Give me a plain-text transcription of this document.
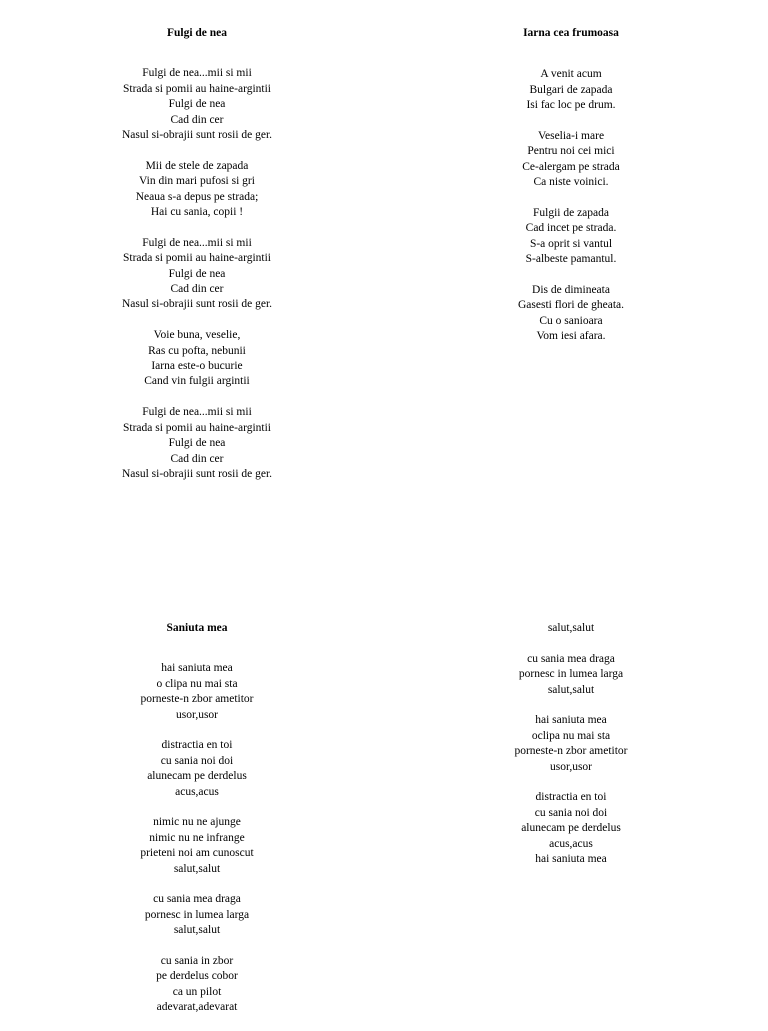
Fulgi de nea
Fulgi de nea...mii si mii
Strada si pomii au haine-argintii
Fulgi de nea
Cad din cer
Nasul si-obrajii sunt rosii de ger.
Mii de stele de zapada
Vin din mari pufosi si gri
Neaua s-a depus pe strada;
Hai cu sania, copii !
Fulgi de nea...mii si mii
Strada si pomii au haine-argintii
Fulgi de nea
Cad din cer
Nasul si-obrajii sunt rosii de ger.
Voie buna, veselie,
Ras cu pofta, nebunii
Iarna este-o bucurie
Cand vin fulgii argintii
Fulgi de nea...mii si mii
Strada si pomii au haine-argintii
Fulgi de nea
Cad din cer
Nasul si-obrajii sunt rosii de ger.
Iarna cea frumoasa
A venit acum
Bulgari de zapada
Isi fac loc pe drum.
Veselia-i mare
Pentru noi cei mici
Ce-alergam pe strada
Ca niste voinici.
Fulgii de zapada
Cad incet pe strada.
S-a oprit si vantul
S-albeste pamantul.
Dis de dimineata
Gasesti flori de gheata.
Cu o sanioara
Vom iesi afara.
Saniuta mea
hai saniuta mea
o clipa nu mai sta
porneste-n zbor ametitor
usor,usor
distractia en toi
cu sania noi doi
alunecam pe derdelus
acus,acus
nimic nu ne ajunge
nimic nu ne infrange
prieteni noi am cunoscut
salut,salut
cu sania mea draga
pornesc in lumea larga
salut,salut
cu sania in zbor
pe derdelus cobor
ca un pilot
adevarat,adevarat
salut,salut
cu sania mea draga
pornesc in lumea larga
salut,salut
hai saniuta mea
oclipa nu mai sta
porneste-n zbor ametitor
usor,usor
distractia en toi
cu sania noi doi
alunecam pe derdelus
acus,acus
hai saniuta mea
